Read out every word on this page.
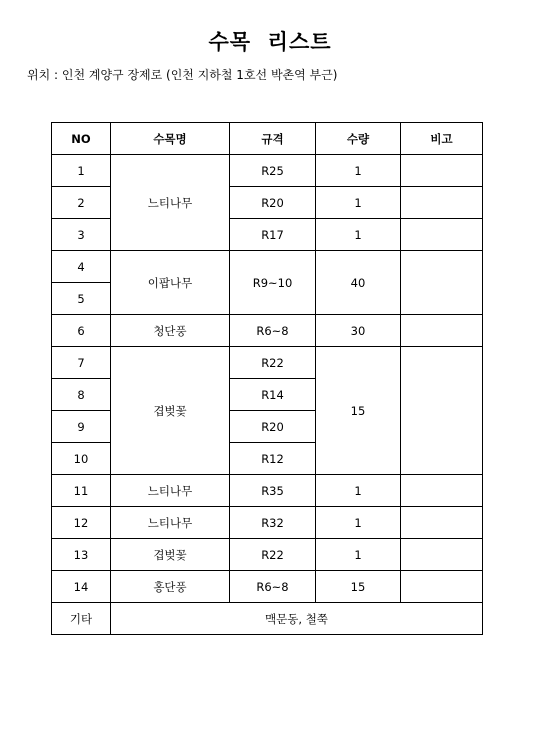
수목  리스트
위치 : 인천 계양구 장제로 (인천 지하철 1호선 박촌역 부근)
NO	수목명	규격	수량	비고
1	느티나무	R25	1	
2		R20	1	
3		R17	1	
4	이팝나무	R9~10	40	
5				
6	청단풍	R6~8	30	
7	겹벚꽃	R22	15	
8		R14		
9		R20		
10		R12		
11	느티나무	R35	1	
12	느티나무	R32	1	
13	겹벚꽃	R22	1	
14	홍단풍	R6~8	15	
기타	맥문동, 철쭉			
